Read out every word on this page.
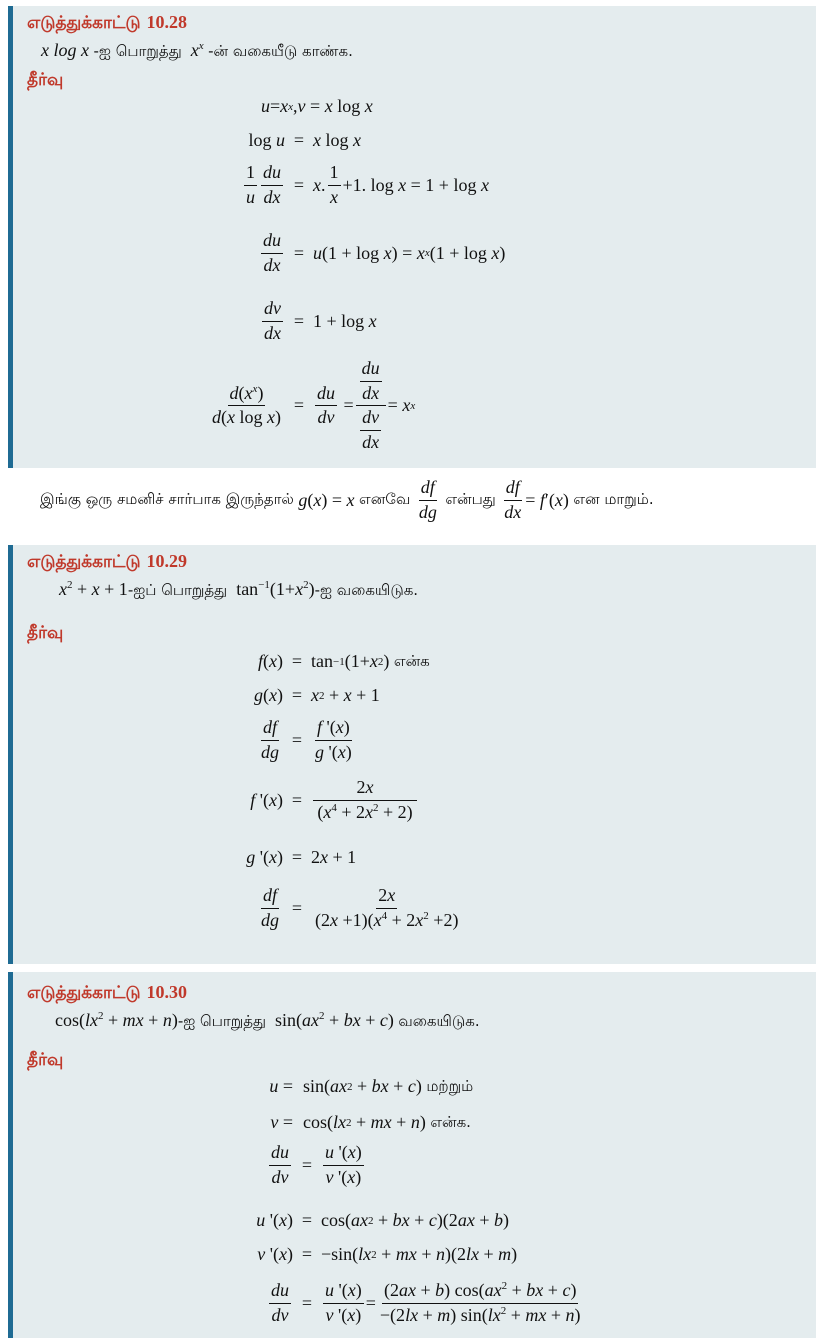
எடுத்துக்காட்டு 10.28
x log x -ஐ பொறுத்து $x^x$ -ன் வகையீடு காண்க.
தீர்வு
u = x x , v = x log x
log u = x log x
$\frac{1}{u} \frac{du}{dx} = x$ . $\frac{1}{x} +1$. log x = 1 + log x
$\frac{du}{dx} = u$ (1 + log x ) = x x (1 + log x )
$\frac{dv}{dx} = 1 + \log x$
$\frac{d(x^x)}{\text{d(x log x)}} = \frac{du}{dv} = \frac{\frac{du}{dx}}{\frac{dv}{dx}} = x$ x
இங்கு ஒரு சமனிச் சார்பாக இருந்தால்
g ( x ) = x
எனவே
$\frac{df}{dg}$
என்பது
$\frac{df}{dx} = f$ ′( x ) என மாறும்.
எடுத்துக்காட்டு 10.29
$x^2 + x$ + 1-ஐப் பொறுத்து  $\tan^{-1}(1+x^2)-ஐ$ வகையிடுக.
தீர்வு
f ( x ) = tan −1 (1+ x 2 ) என்க
g ( x ) = x 2 + x + 1
$\frac{df}{dg} = \frac{f '(x)}{g '(x)}$
f '( x ) = $\frac{2x}{(x^4 + 2x^2 + 2)}$
g '( x ) = 2 x + 1
$\frac{df}{dg} = \frac{2x}{(2x +1)(x^4 + 2x^2 +2)}$
எடுத்துக்காட்டு 10.30
$\cos(lx^2$ + mx + n)-ஐ பொறுத்து  $\sin(ax^2$ + bx + c) வகையிடுக.
தீர்வு
u = sin( ax 2 + bx + c ) மற்றும்
v = cos( lx 2 + mx + n ) என்க.
$\frac{du}{dv} = \frac{u '(x)}{v '(x)}$
u '( x ) = cos( ax 2 + bx + c )(2 ax + b )
v '( x ) = −sin( lx 2 + mx + n )(2 lx + m )
$\frac{du}{dv} = \frac{u '(x)}{v '(x)} = \frac{(2ax + b) \cos(ax^2 + bx + c)}{-(2lx + m) \sin(lx^2 + mx + n)}$
